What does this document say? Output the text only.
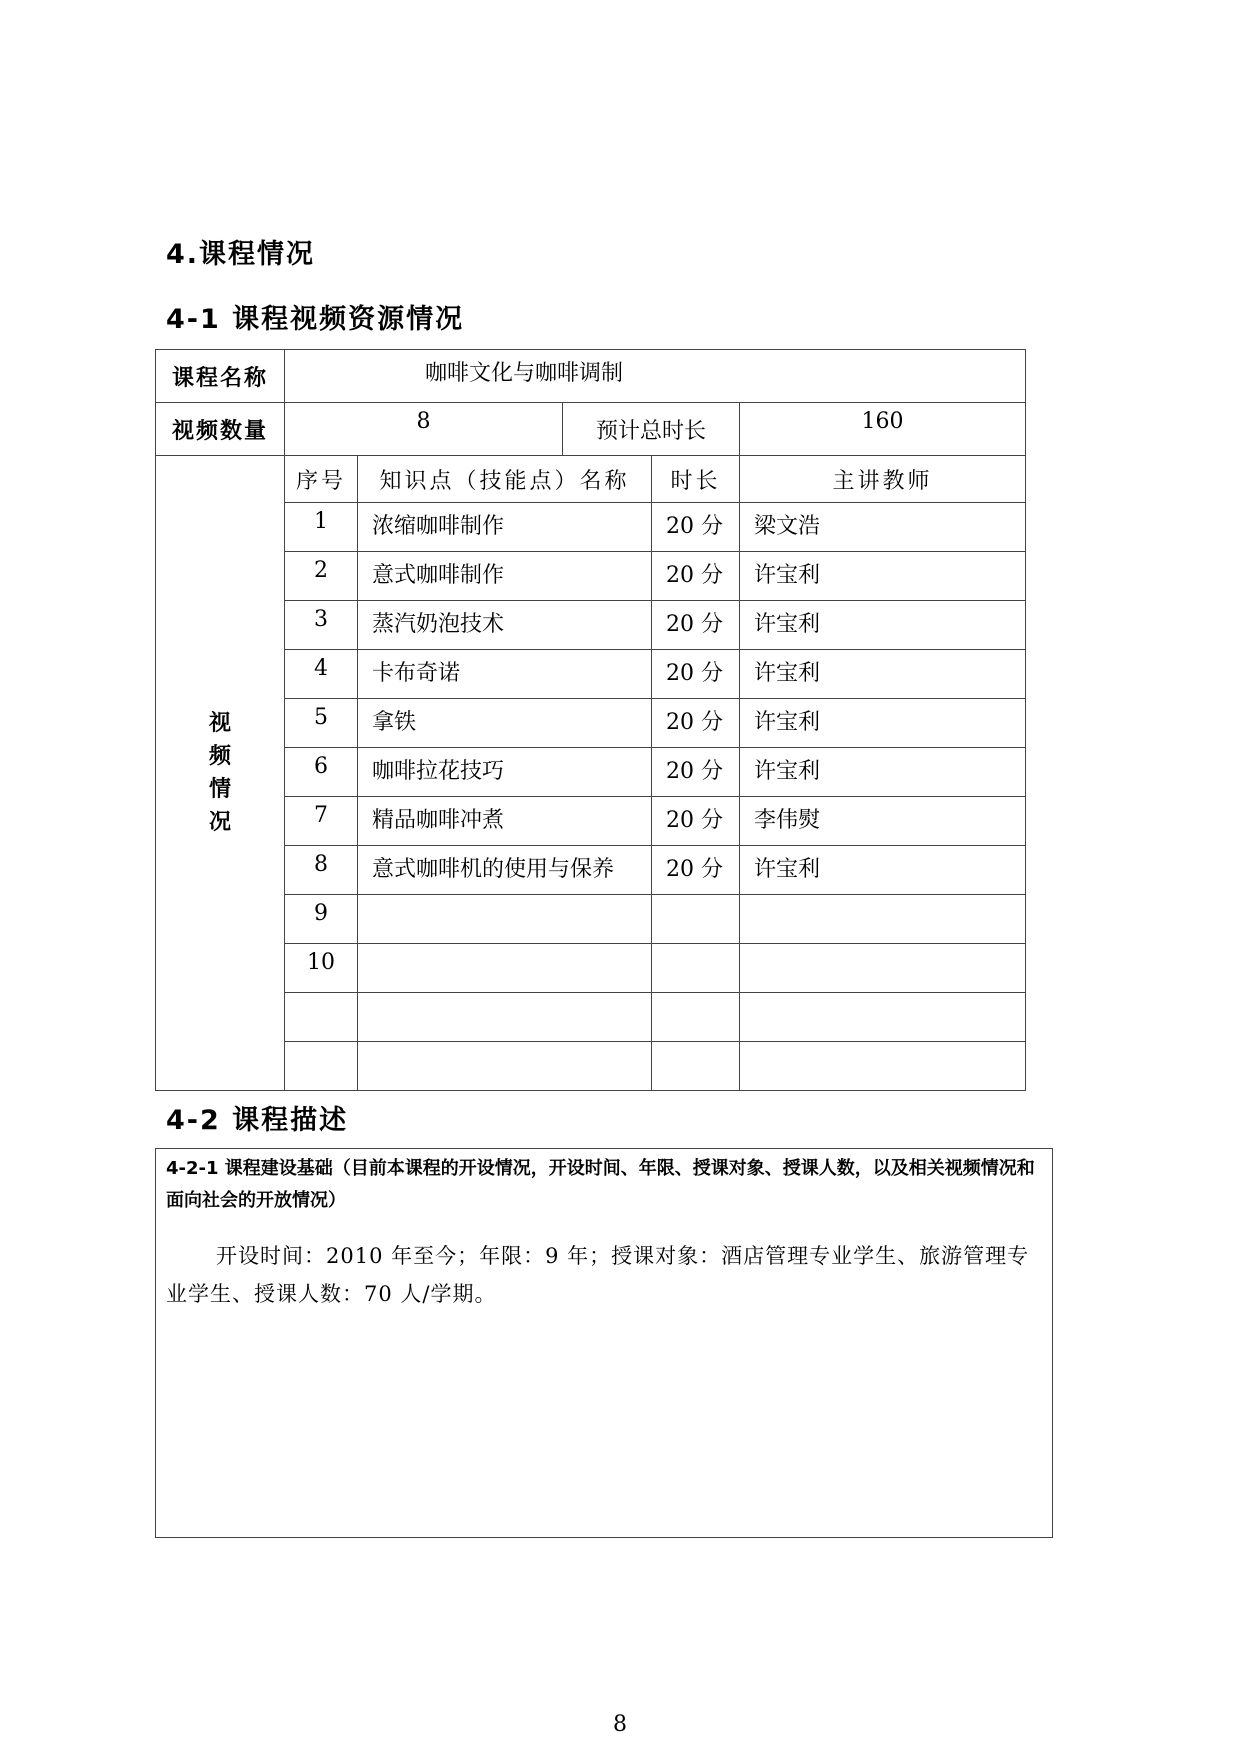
4.课程情况
4-1 课程视频资源情况
课程名称	咖啡文化与咖啡调制				
视频数量	8		预计总时长		160

视
频
情
况	序号	知识点（技能点）名称		时长	主讲教师
	1	浓缩咖啡制作		20 分	梁文浩
	2	意式咖啡制作		20 分	许宝利
	3	蒸汽奶泡技术		20 分	许宝利
	4	卡布奇诺		20 分	许宝利
	5	拿铁		20 分	许宝利
	6	咖啡拉花技巧		20 分	许宝利
	7	精品咖啡冲煮		20 分	李伟熨
	8	意式咖啡机的使用与保养		20 分	许宝利
	9				
	10				

4-2 课程描述
4-2-1 课程建设基础（目前本课程的开设情况，开设时间、年限、授课对象、授课人数，以及相关视频情况和面向社会的开放情况）
开设时间：2010 年至今；年限：9 年；授课对象：酒店管理专业学生、旅游管理专业学生、授课人数：70 人/学期。
8
